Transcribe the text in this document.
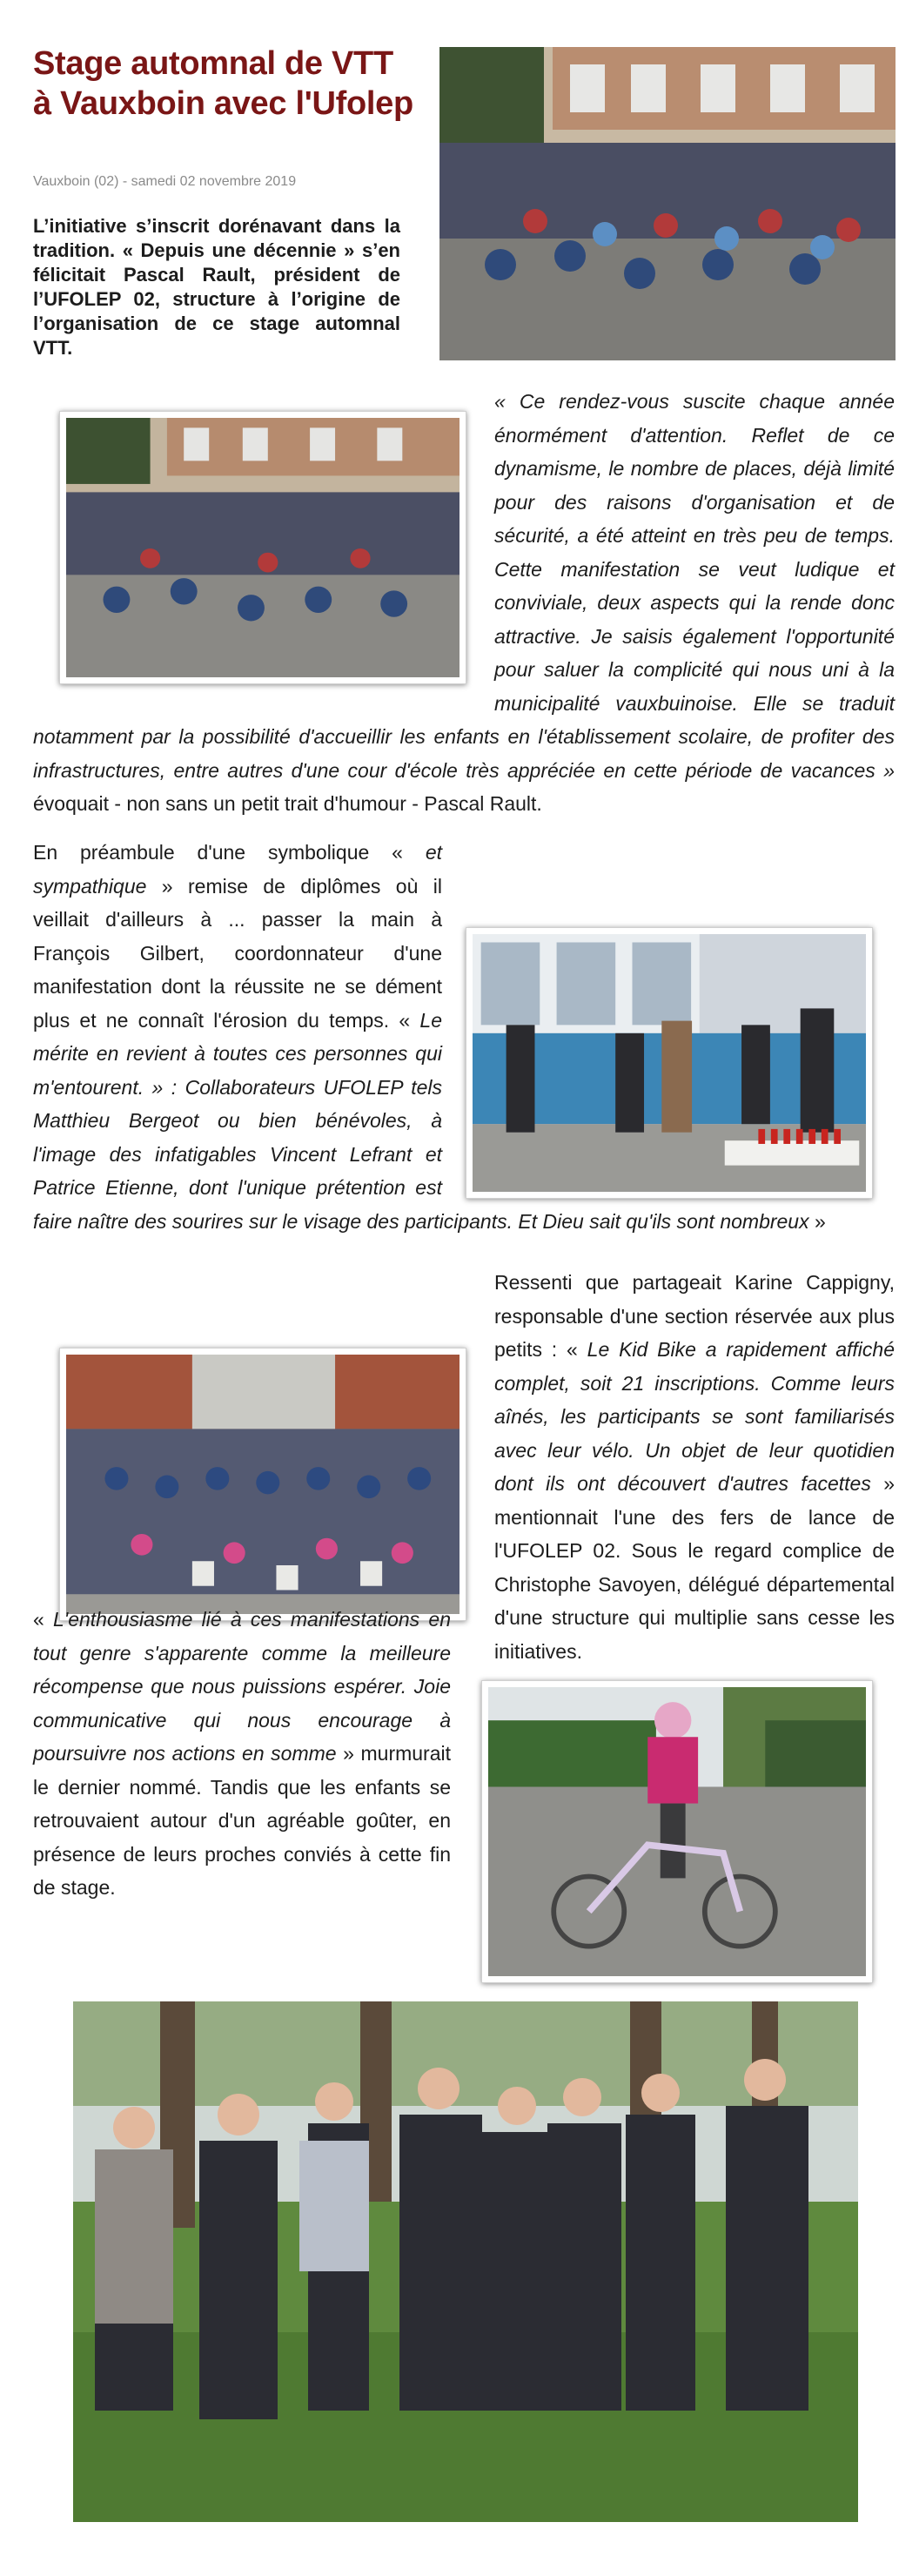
Stage automnal de VTT à Vauxboin avec l'Ufolep
Vauxboin (02) - samedi 02 novembre 2019

L’initiative s’inscrit dorénavant dans la tradition. « Depuis une décennie » s’en félicitait Pascal Rault, président de l’UFOLEP 02, structure à l’origine de l’organisation de ce stage automnal VTT.

« Ce rendez-vous suscite chaque année énormément d'attention. Reflet de ce dynamisme, le nombre de places, déjà limité pour des raisons d'organisation et de sécurité, a été atteint en très peu de temps. Cette manifestation se veut ludique et conviviale, deux aspects qui la rende donc attractive. Je saisis également l'opportunité pour saluer la complicité qui nous uni à la municipalité vauxbuinoise. Elle se traduit notamment par la possibilité d'accueillir les enfants en l'établissement scolaire, de profiter des infrastructures, entre autres d'une cour d'école très appréciée en cette période de vacances » évoquait - non sans un petit trait d'humour - Pascal Rault.

En préambule d'une symbolique « et sympathique » remise de diplômes où il veillait d'ailleurs à ... passer la main à François Gilbert, coordonnateur d'une manifestation dont la réussite ne se dément plus et ne connaît l'érosion du temps. « Le mérite en revient à toutes ces personnes qui m'entourent. » : Collaborateurs UFOLEP tels Matthieu Bergeot ou bien bénévoles, à l'image des infatigables Vincent Lefrant et Patrice Etienne, dont l'unique prétention est faire naître des sourires sur le visage des participants. Et Dieu sait qu'ils sont nombreux »

Ressenti que partageait Karine Cappigny, responsable d'une section réservée aux plus petits : « Le Kid Bike a rapidement affiché complet, soit 21 inscriptions. Comme leurs aînés, les participants se sont familiarisés avec leur vélo. Un objet de leur quotidien dont ils ont découvert d'autres facettes » mentionnait l'une des fers de lance de l'UFOLEP 02. Sous le regard complice de Christophe Savoyen, délégué départemental d'une structure qui multiplie sans cesse les initiatives.

« L'enthousiasme lié à ces manifestations en tout genre s'apparente comme la meilleure récompense que nous puissions espérer. Joie communicative qui nous encourage à poursuivre nos actions en somme » murmurait le dernier nommé. Tandis que les enfants se retrouvaient autour d'un agréable goûter, en présence de leurs proches conviés à cette fin de stage.
